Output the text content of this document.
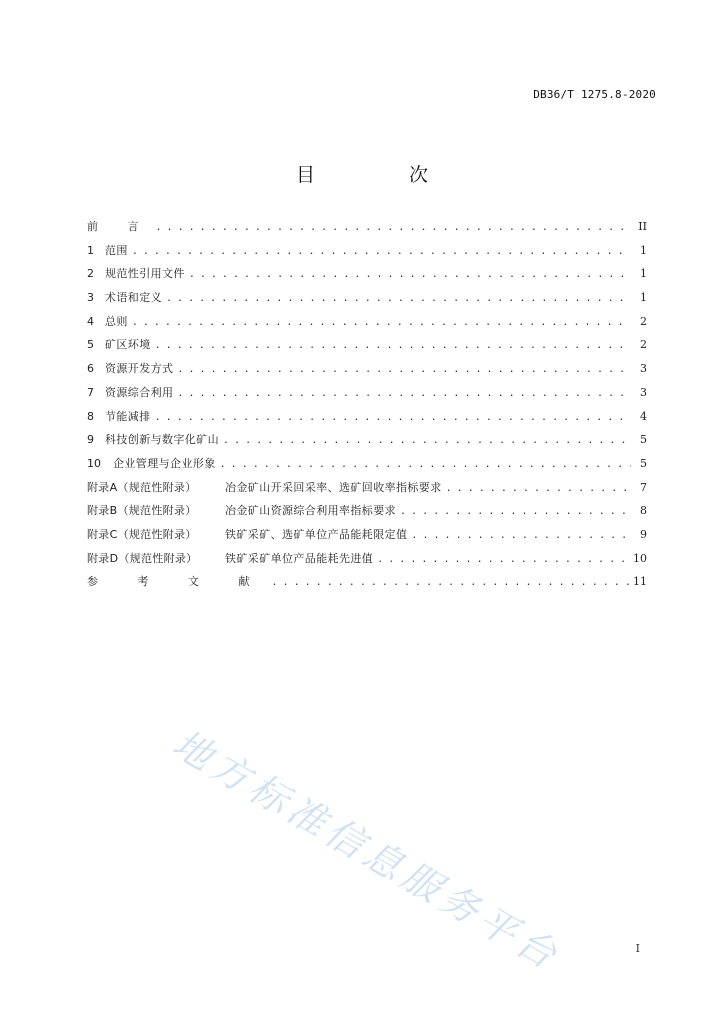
DB36/T 1275.8-2020
目 次
前 言 . . .	II
1	范围 . . .	1
2	规范性引用文件 . . .	1
3	术语和定义 . . .	1
4	总则 . . .	2
5	矿区环境 . . .	2
6	资源开发方式 . . .	3
7	资源综合利用 . . .	3
8	节能减排 . . .	4
9	科技创新与数字化矿山 . . .	5
10	企业管理与企业形象 . . .	5
附录A（规范性附录）	冶金矿山开采回采率、选矿回收率指标要求 . . .	7
附录B（规范性附录）	冶金矿山资源综合利用率指标要求 . . .	8
附录C（规范性附录）	铁矿采矿、选矿单位产品能耗限定值 . . .	9
附录D（规范性附录）	铁矿采矿单位产品能耗先进值 . . .	10
参 考 文 献 . . .	11
地方标准信息服务平台	I
